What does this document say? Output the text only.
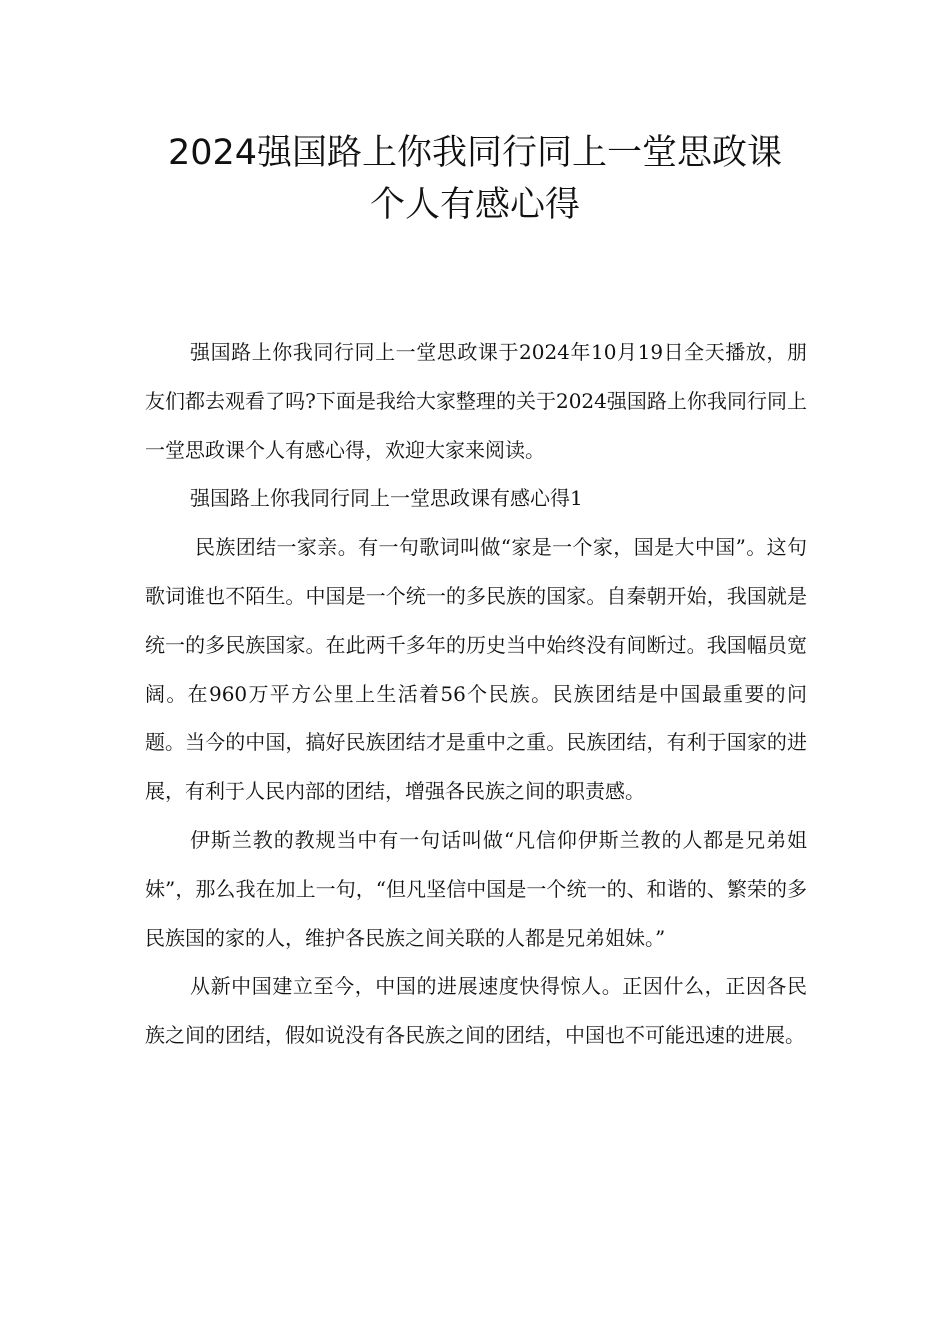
2024强国路上你我同行同上一堂思政课
个人有感心得

强国路上你我同行同上一堂思政课于2024年10月19日全天播放，朋友们都去观看了吗?下面是我给大家整理的关于2024强国路上你我同行同上一堂思政课个人有感心得，欢迎大家来阅读。

强国路上你我同行同上一堂思政课有感心得1

民族团结一家亲。有一句歌词叫做“家是一个家，国是大中国”。这句歌词谁也不陌生。中国是一个统一的多民族的国家。自秦朝开始，我国就是统一的多民族国家。在此两千多年的历史当中始终没有间断过。我国幅员宽阔。在960万平方公里上生活着56个民族。民族团结是中国最重要的问题。当今的中国，搞好民族团结才是重中之重。民族团结，有利于国家的进展，有利于人民内部的团结，增强各民族之间的职责感。

伊斯兰教的教规当中有一句话叫做“凡信仰伊斯兰教的人都是兄弟姐妹”，那么我在加上一句，“但凡坚信中国是一个统一的、和谐的、繁荣的多民族国的家的人，维护各民族之间关联的人都是兄弟姐妹。”

从新中国建立至今，中国的进展速度快得惊人。正因什么，正因各民族之间的团结，假如说没有各民族之间的团结，中国也不可能迅速的进展。
